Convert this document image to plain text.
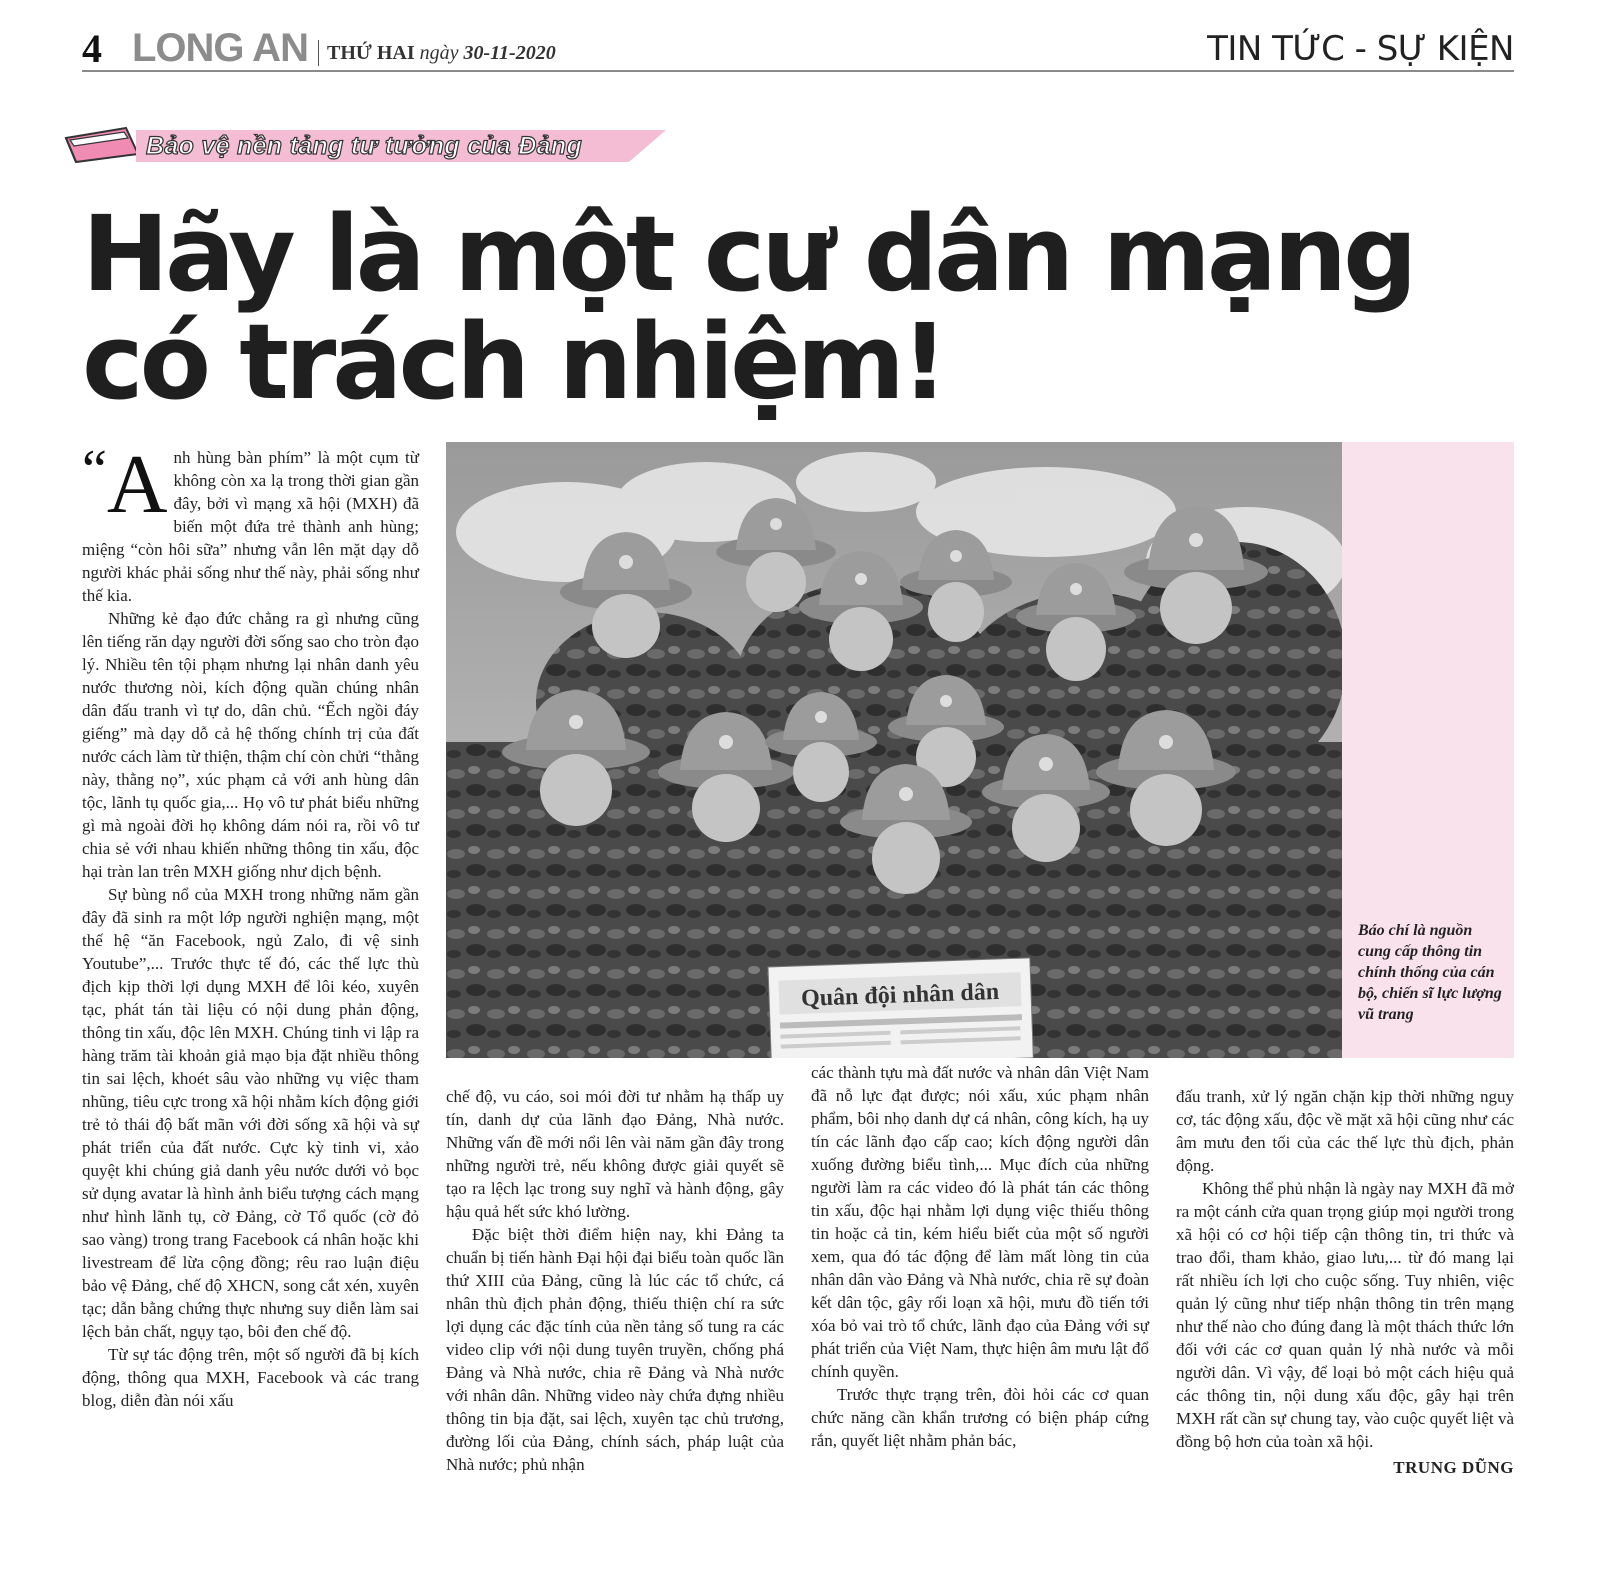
4 LONG AN THỨ HAI ngày 30-11-2020	TIN TỨC - SỰ KIỆN
Bảo vệ nền tảng tư tưởng của Đảng
Hãy là một cư dân mạng
có trách nhiệm!
Quân đội nhân dân
Báo chí là nguồn cung cấp thông tin chính thống của cán bộ, chiến sĩ lực lượng vũ trang

“A nh hùng bàn phím” là một cụm từ không còn xa lạ trong thời gian gần đây, bởi vì mạng xã hội (MXH) đã biến một đứa trẻ thành anh hùng; miệng “còn hôi sữa” nhưng vẫn lên mặt dạy dỗ người khác phải sống như thế này, phải sống như thế kia.

Những kẻ đạo đức chẳng ra gì nhưng cũng lên tiếng răn dạy người đời sống sao cho tròn đạo lý. Nhiều tên tội phạm nhưng lại nhân danh yêu nước thương nòi, kích động quần chúng nhân dân đấu tranh vì tự do, dân chủ. “Ếch ngồi đáy giếng” mà dạy dỗ cả hệ thống chính trị của đất nước cách làm từ thiện, thậm chí còn chửi “thằng này, thằng nọ”, xúc phạm cả với anh hùng dân tộc, lãnh tụ quốc gia,... Họ vô tư phát biểu những gì mà ngoài đời họ không dám nói ra, rồi vô tư chia sẻ với nhau khiến những thông tin xấu, độc hại tràn lan trên MXH giống như dịch bệnh.

Sự bùng nổ của MXH trong những năm gần đây đã sinh ra một lớp người nghiện mạng, một thế hệ “ăn Facebook, ngủ Zalo, đi vệ sinh Youtube”,... Trước thực tế đó, các thế lực thù địch kịp thời lợi dụng MXH để lôi kéo, xuyên tạc, phát tán tài liệu có nội dung phản động, thông tin xấu, độc lên MXH. Chúng tinh vi lập ra hàng trăm tài khoản giả mạo bịa đặt nhiều thông tin sai lệch, khoét sâu vào những vụ việc tham nhũng, tiêu cực trong xã hội nhằm kích động giới trẻ tỏ thái độ bất mãn với đời sống xã hội và sự phát triển của đất nước. Cực kỳ tinh vi, xảo quyệt khi chúng giả danh yêu nước dưới vỏ bọc sử dụng avatar là hình ảnh biểu tượng cách mạng như hình lãnh tụ, cờ Đảng, cờ Tổ quốc (cờ đỏ sao vàng) trong trang Facebook cá nhân hoặc khi livestream để lừa cộng đồng; rêu rao luận điệu bảo vệ Đảng, chế độ XHCN, song cắt xén, xuyên tạc; dẫn bằng chứng thực nhưng suy diễn làm sai lệch bản chất, ngụy tạo, bôi đen chế độ.

Từ sự tác động trên, một số người đã bị kích động, thông qua MXH, Facebook và các trang blog, diễn đàn nói xấu

chế độ, vu cáo, soi mói đời tư nhằm hạ thấp uy tín, danh dự của lãnh đạo Đảng, Nhà nước. Những vấn đề mới nổi lên vài năm gần đây trong những người trẻ, nếu không được giải quyết sẽ tạo ra lệch lạc trong suy nghĩ và hành động, gây hậu quả hết sức khó lường.

Đặc biệt thời điểm hiện nay, khi Đảng ta chuẩn bị tiến hành Đại hội đại biểu toàn quốc lần thứ XIII của Đảng, cũng là lúc các tổ chức, cá nhân thù địch phản động, thiếu thiện chí ra sức lợi dụng các đặc tính của nền tảng số tung ra các video clip với nội dung tuyên truyền, chống phá Đảng và Nhà nước, chia rẽ Đảng và Nhà nước với nhân dân. Những video này chứa đựng nhiều thông tin bịa đặt, sai lệch, xuyên tạc chủ trương, đường lối của Đảng, chính sách, pháp luật của Nhà nước; phủ nhận

các thành tựu mà đất nước và nhân dân Việt Nam đã nỗ lực đạt được; nói xấu, xúc phạm nhân phẩm, bôi nhọ danh dự cá nhân, công kích, hạ uy tín các lãnh đạo cấp cao; kích động người dân xuống đường biểu tình,... Mục đích của những người làm ra các video đó là phát tán các thông tin xấu, độc hại nhằm lợi dụng việc thiếu thông tin hoặc cả tin, kém hiểu biết của một số người xem, qua đó tác động để làm mất lòng tin của nhân dân vào Đảng và Nhà nước, chia rẽ sự đoàn kết dân tộc, gây rối loạn xã hội, mưu đồ tiến tới xóa bỏ vai trò tổ chức, lãnh đạo của Đảng với sự phát triển của Việt Nam, thực hiện âm mưu lật đổ chính quyền.

Trước thực trạng trên, đòi hỏi các cơ quan chức năng cần khẩn trương có biện pháp cứng rắn, quyết liệt nhằm phản bác,

đấu tranh, xử lý ngăn chặn kịp thời những nguy cơ, tác động xấu, độc về mặt xã hội cũng như các âm mưu đen tối của các thế lực thù địch, phản động.

Không thể phủ nhận là ngày nay MXH đã mở ra một cánh cửa quan trọng giúp mọi người trong xã hội có cơ hội tiếp cận thông tin, tri thức và trao đổi, tham khảo, giao lưu,... từ đó mang lại rất nhiều ích lợi cho cuộc sống. Tuy nhiên, việc quản lý cũng như tiếp nhận thông tin trên mạng như thế nào cho đúng đang là một thách thức lớn đối với các cơ quan quản lý nhà nước và mỗi người dân. Vì vậy, để loại bỏ một cách hiệu quả các thông tin, nội dung xấu độc, gây hại trên MXH rất cần sự chung tay, vào cuộc quyết liệt và đồng bộ hơn của toàn xã hội.

TRUNG DŨNG
